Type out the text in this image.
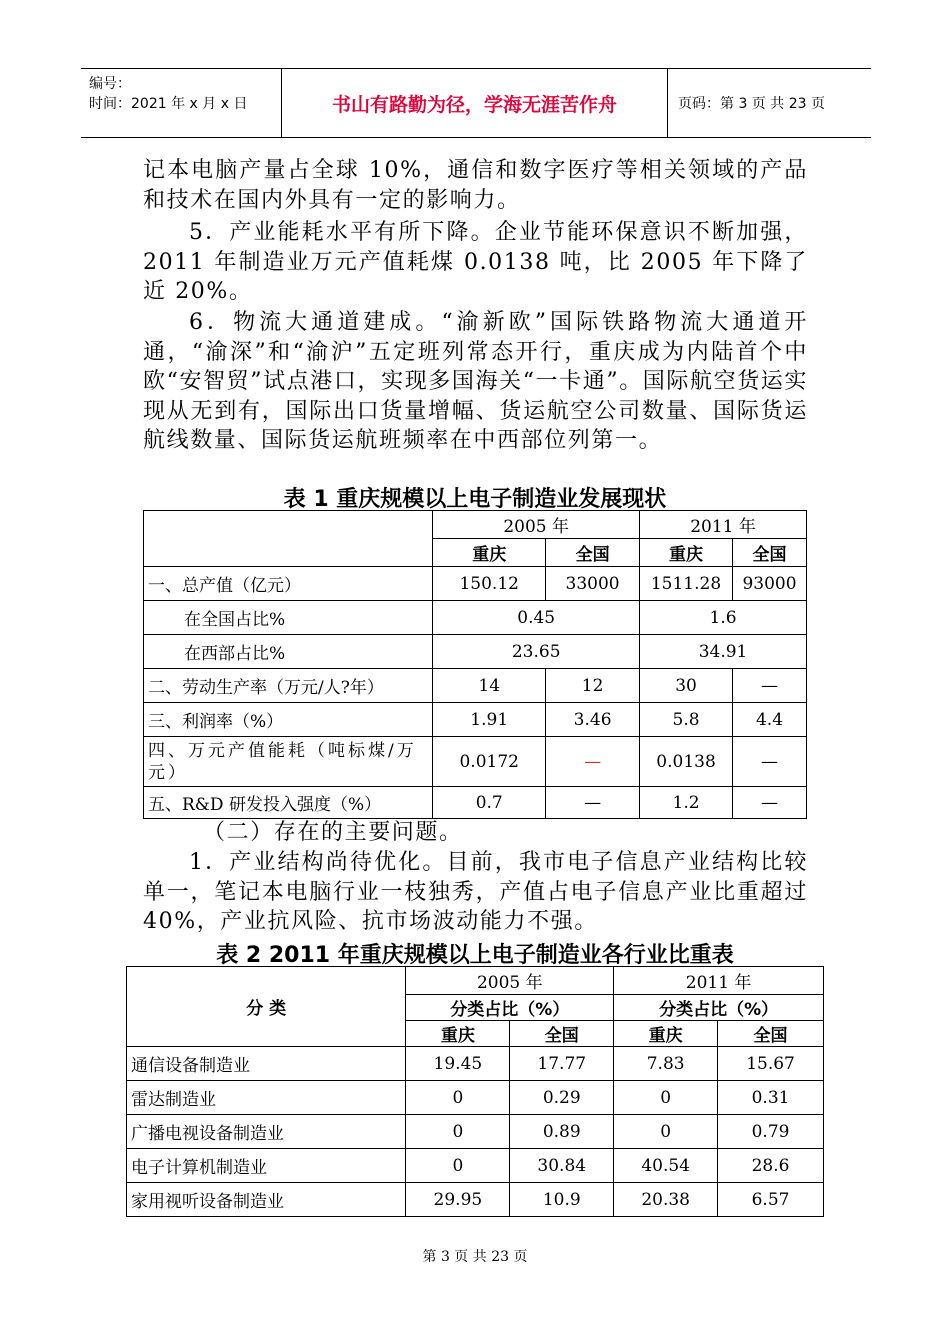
编号：
时间：2021 年 x 月 x 日	书山有路勤为径，学海无涯苦作舟	页码：第 3 页 共 23 页
记本电脑产量占全球 10%，通信和数字医疗等相关领域的产品和技术在国内外具有一定的影响力。
5．产业能耗水平有所下降。企业节能环保意识不断加强，2011 年制造业万元产值耗煤 0.0138 吨，比 2005 年下降了近 20%。
6．物流大通道建成。“渝新欧”国际铁路物流大通道开通，“渝深”和“渝沪”五定班列常态开行，重庆成为内陆首个中欧“安智贸”试点港口，实现多国海关“一卡通”。国际航空货运实现从无到有，国际出口货量增幅、货运航空公司数量、国际货运航线数量、国际货运航班频率在中西部位列第一。
表 1 重庆规模以上电子制造业发展现状
	2005 年		2011 年	
	重庆	全国	重庆	全国
一、总产值（亿元）	150.12	33000	1511.28	93000
在全国占比%	0.45		1.6	
在西部占比%	23.65		34.91	
二、劳动生产率（万元/人?年）	14	12	30	—
三、利润率（%）	1.91	3.46	5.8	4.4
四、万元产值能耗（吨标煤/万元）	0.0172	—	0.0138	—
五、R&D 研发投入强度（%）	0.7	—	1.2	—
（二）存在的主要问题。
1．产业结构尚待优化。目前，我市电子信息产业结构比较单一，笔记本电脑行业一枝独秀，产值占电子信息产业比重超过 40%，产业抗风险、抗市场波动能力不强。
表 2 2011 年重庆规模以上电子制造业各行业比重表
分 类	2005 年		2011 年	
	分类占比（%）		分类占比（%）	
	重庆	全国	重庆	全国
通信设备制造业	19.45	17.77	7.83	15.67
雷达制造业	0	0.29	0	0.31
广播电视设备制造业	0	0.89	0	0.79
电子计算机制造业	0	30.84	40.54	28.6
家用视听设备制造业	29.95	10.9	20.38	6.57
第 3 页 共 23 页
